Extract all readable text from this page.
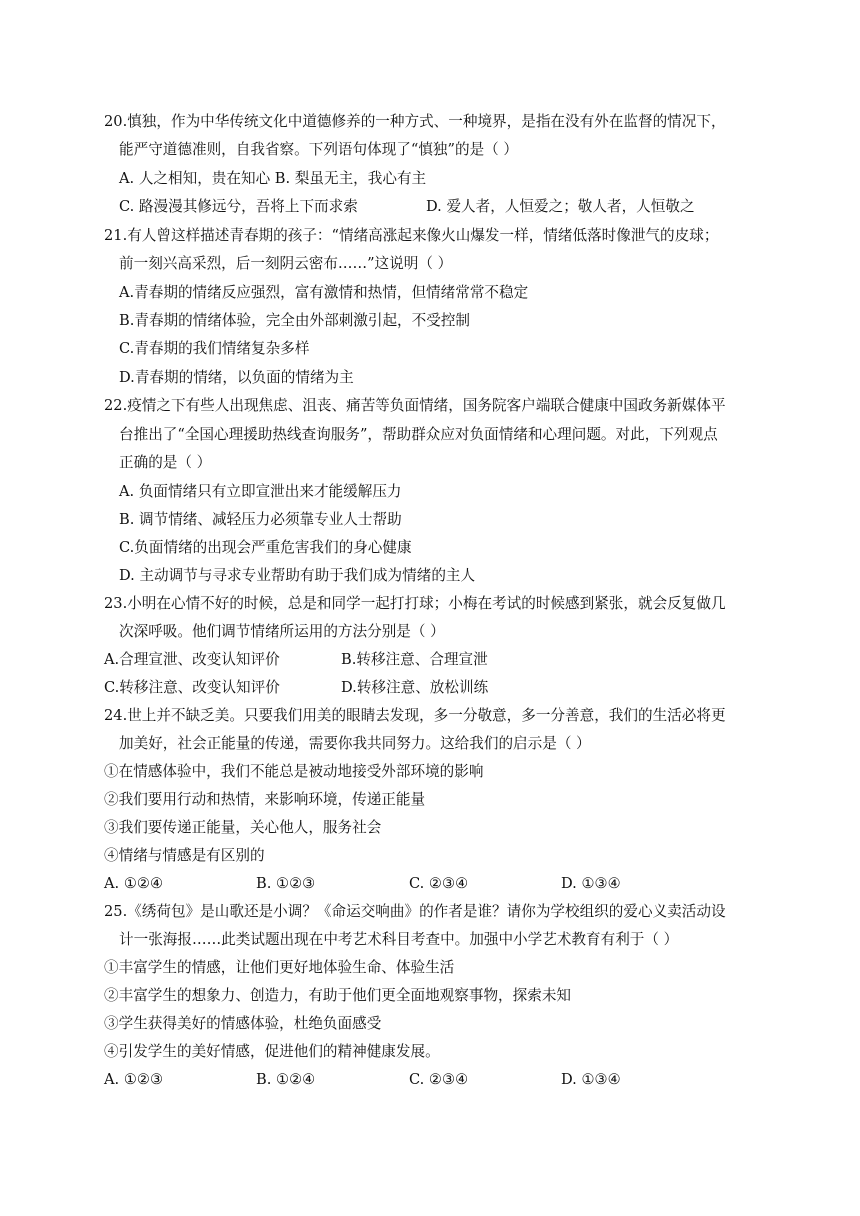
20.慎独，作为中华传统文化中道德修养的一种方式、一种境界，是指在没有外在监督的情况下，
能严守道德准则，自我省察。下列语句体现了“慎独”的是（ ）
A. 人之相知，贵在知心 B. 梨虽无主，我心有主
C. 路漫漫其修远兮，吾将上下而求索	D. 爱人者，人恒爱之；敬人者，人恒敬之
21.有人曾这样描述青春期的孩子：“情绪高涨起来像火山爆发一样，情绪低落时像泄气的皮球；
前一刻兴高采烈，后一刻阴云密布……”这说明（ ）
A.青春期的情绪反应强烈，富有激情和热情，但情绪常常不稳定
B.青春期的情绪体验，完全由外部刺激引起，不受控制
C.青春期的我们情绪复杂多样
D.青春期的情绪，以负面的情绪为主
22.疫情之下有些人出现焦虑、沮丧、痛苦等负面情绪，国务院客户端联合健康中国政务新媒体平
台推出了“全国心理援助热线查询服务”，帮助群众应对负面情绪和心理问题。对此，下列观点
正确的是（ ）
A. 负面情绪只有立即宣泄出来才能缓解压力
B. 调节情绪、减轻压力必须靠专业人士帮助
C.负面情绪的出现会严重危害我们的身心健康
D. 主动调节与寻求专业帮助有助于我们成为情绪的主人
23.小明在心情不好的时候，总是和同学一起打打球；小梅在考试的时候感到紧张，就会反复做几
次深呼吸。他们调节情绪所运用的方法分别是（ ）
A.合理宣泄、改变认知评价	B.转移注意、合理宣泄
C.转移注意、改变认知评价	D.转移注意、放松训练
24.世上并不缺乏美。只要我们用美的眼睛去发现，多一分敬意，多一分善意，我们的生活必将更
加美好，社会正能量的传递，需要你我共同努力。这给我们的启示是（ ）
①在情感体验中，我们不能总是被动地接受外部环境的影响
②我们要用行动和热情，来影响环境，传递正能量
③我们要传递正能量，关心他人，服务社会
④情绪与情感是有区别的
A. ①②④	B. ①②③	C. ②③④	D. ①③④
25.《绣荷包》是山歌还是小调？《命运交响曲》的作者是谁？请你为学校组织的爱心义卖活动设
计一张海报……此类试题出现在中考艺术科目考查中。加强中小学艺术教育有利于（ ）
①丰富学生的情感，让他们更好地体验生命、体验生活
②丰富学生的想象力、创造力，有助于他们更全面地观察事物，探索未知
③学生获得美好的情感体验，杜绝负面感受
④引发学生的美好情感，促进他们的精神健康发展。
A. ①②③	B. ①②④	C. ②③④	D. ①③④
